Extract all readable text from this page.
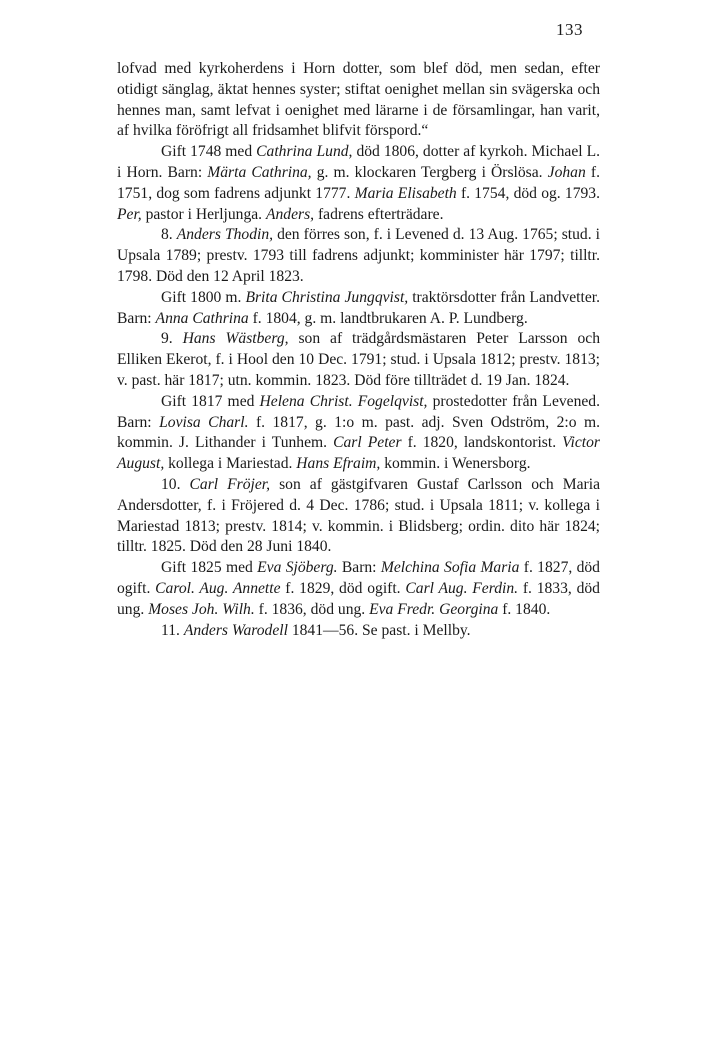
133

lofvad med kyrkoherdens i Horn dotter, som blef död, men sedan, efter otidigt sänglag, äktat hennes syster; stiftat oenighet mellan sin svägerska och hennes man, samt lefvat i oenighet med lärarne i de församlingar, han varit, af hvilka föröfrigt all fridsamhet blifvit förspord.“

Gift 1748 med Cathrina Lund, död 1806, dotter af kyrkoh. Michael L. i Horn. Barn: Märta Cathrina, g. m. klockaren Tergberg i Örslösa. Johan f. 1751, dog som fadrens adjunkt 1777. Maria Elisabeth f. 1754, död og. 1793. Per, pastor i Herljunga. Anders, fadrens efterträdare.

8. Anders Thodin, den förres son, f. i Levened d. 13 Aug. 1765; stud. i Upsala 1789; prestv. 1793 till fadrens adjunkt; komminister här 1797; tilltr. 1798. Död den 12 April 1823.

Gift 1800 m. Brita Christina Jungqvist, traktörsdotter från Landvetter. Barn: Anna Cathrina f. 1804, g. m. landtbrukaren A. P. Lundberg.

9. Hans Wästberg, son af trädgårdsmästaren Peter Larsson och Elliken Ekerot, f. i Hool den 10 Dec. 1791; stud. i Upsala 1812; prestv. 1813; v. past. här 1817; utn. kommin. 1823. Död före tillträdet d. 19 Jan. 1824.

Gift 1817 med Helena Christ. Fogelqvist, prostedotter från Levened. Barn: Lovisa Charl. f. 1817, g. 1:o m. past. adj. Sven Odström, 2:o m. kommin. J. Lithander i Tunhem. Carl Peter f. 1820, landskontorist. Victor August, kollega i Mariestad. Hans Efraim, kommin. i Wenersborg.

10. Carl Fröjer, son af gästgifvaren Gustaf Carlsson och Maria Andersdotter, f. i Fröjered d. 4 Dec. 1786; stud. i Upsala 1811; v. kollega i Mariestad 1813; prestv. 1814; v. kommin. i Blidsberg; ordin. dito här 1824; tilltr. 1825. Död den 28 Juni 1840.

Gift 1825 med Eva Sjöberg. Barn: Melchina Sofia Maria f. 1827, död ogift. Carol. Aug. Annette f. 1829, död ogift. Carl Aug. Ferdin. f. 1833, död ung. Moses Joh. Wilh. f. 1836, död ung. Eva Fredr. Georgina f. 1840.

11. Anders Warodell 1841—56. Se past. i Mellby.
